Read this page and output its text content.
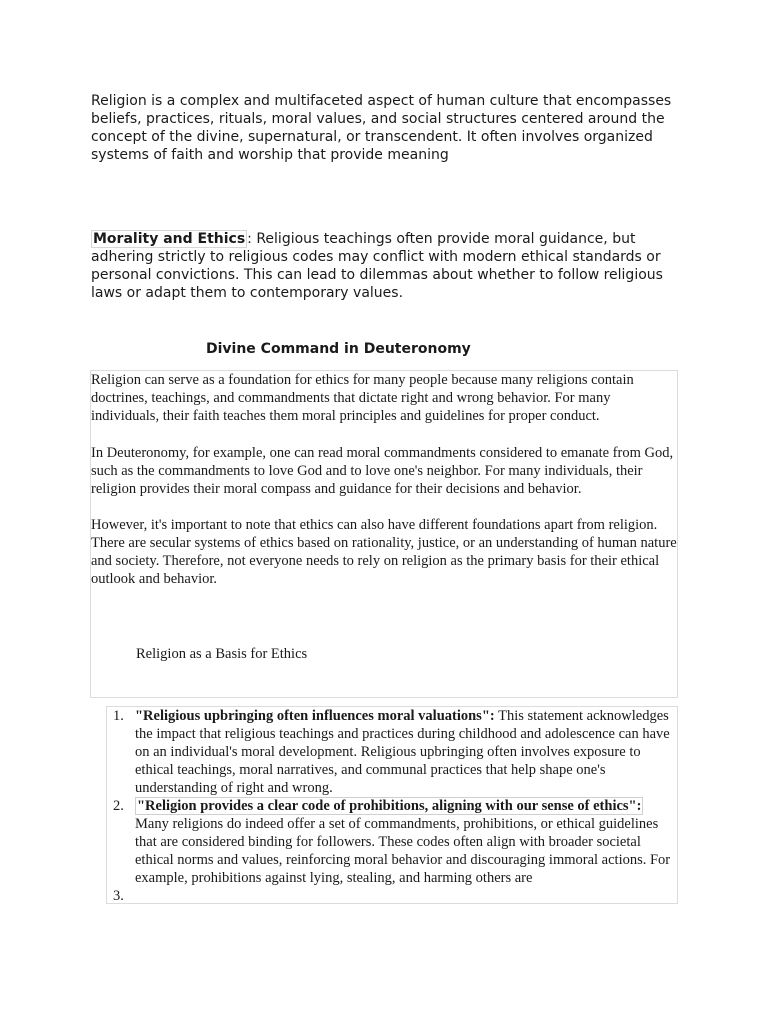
Religion is a complex and multifaceted aspect of human culture that encompasses beliefs, practices, rituals, moral values, and social structures centered around the concept of the divine, supernatural, or transcendent. It often involves organized systems of faith and worship that provide meaning

Morality and Ethics : Religious teachings often provide moral guidance, but adhering strictly to religious codes may conflict with modern ethical standards or personal convictions. This can lead to dilemmas about whether to follow religious laws or adapt them to contemporary values.

Divine Command in Deuteronomy

Religion can serve as a foundation for ethics for many people because many religions contain doctrines, teachings, and commandments that dictate right and wrong behavior. For many individuals, their faith teaches them moral principles and guidelines for proper conduct.

In Deuteronomy, for example, one can read moral commandments considered to emanate from God, such as the commandments to love God and to love one's neighbor. For many individuals, their religion provides their moral compass and guidance for their decisions and behavior.

However, it's important to note that ethics can also have different foundations apart from religion. There are secular systems of ethics based on rationality, justice, or an understanding of human nature and society. Therefore, not everyone needs to rely on religion as the primary basis for their ethical outlook and behavior.

Religion as a Basis for Ethics

1. "Religious upbringing often influences moral valuations": This statement acknowledges the impact that religious teachings and practices during childhood and adolescence can have on an individual's moral development. Religious upbringing often involves exposure to ethical teachings, moral narratives, and communal practices that help shape one's understanding of right and wrong.
2. "Religion provides a clear code of prohibitions, aligning with our sense of ethics": Many religions do indeed offer a set of commandments, prohibitions, or ethical guidelines that are considered binding for followers. These codes often align with broader societal ethical norms and values, reinforcing moral behavior and discouraging immoral actions. For example, prohibitions against lying, stealing, and harming others are
3.
